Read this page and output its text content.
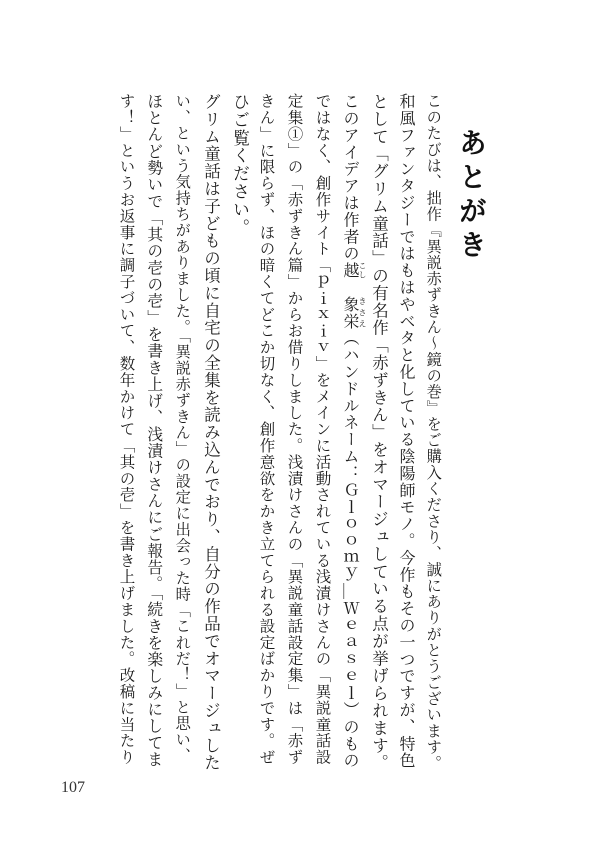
あとがき
このたびは、拙作『異説赤ずきん〜鏡の巻』をご購入くださり、誠にありがとうございます。
和風ファンタジーではもはやベタと化している陰陽師モノ。今作もその一つですが、特色
として「グリム童話」の有名作「赤ずきん」をオマージュしている点が挙げられます。
このアイデアは作者の越こし　象栄きさえ（ハンドルネーム：Ｇｌｏｏｍｙ＿Ｗｅａｓｅｌ）のもの
ではなく、創作サイト「ｐｉｘｉｖ」をメインに活動されている浅漬けさんの「異説童話設
定集①」の「赤ずきん篇」からお借りしました。浅漬けさんの「異説童話設定集」は「赤ず
きん」に限らず、ほの暗くてどこか切なく、創作意欲をかき立てられる設定ばかりです。ぜ
ひご覧ください。
グリム童話は子どもの頃に自宅の全集を読み込んでおり、自分の作品でオマージュした
い、という気持ちがありました。「異説赤ずきん」の設定に出会った時「これだ！」と思い、
ほとんど勢いで「其の壱の壱」を書き上げ、浅漬けさんにご報告。「続きを楽しみにしてま
す！」というお返事に調子づいて、数年かけて「其の壱」を書き上げました。改稿に当たり
107
